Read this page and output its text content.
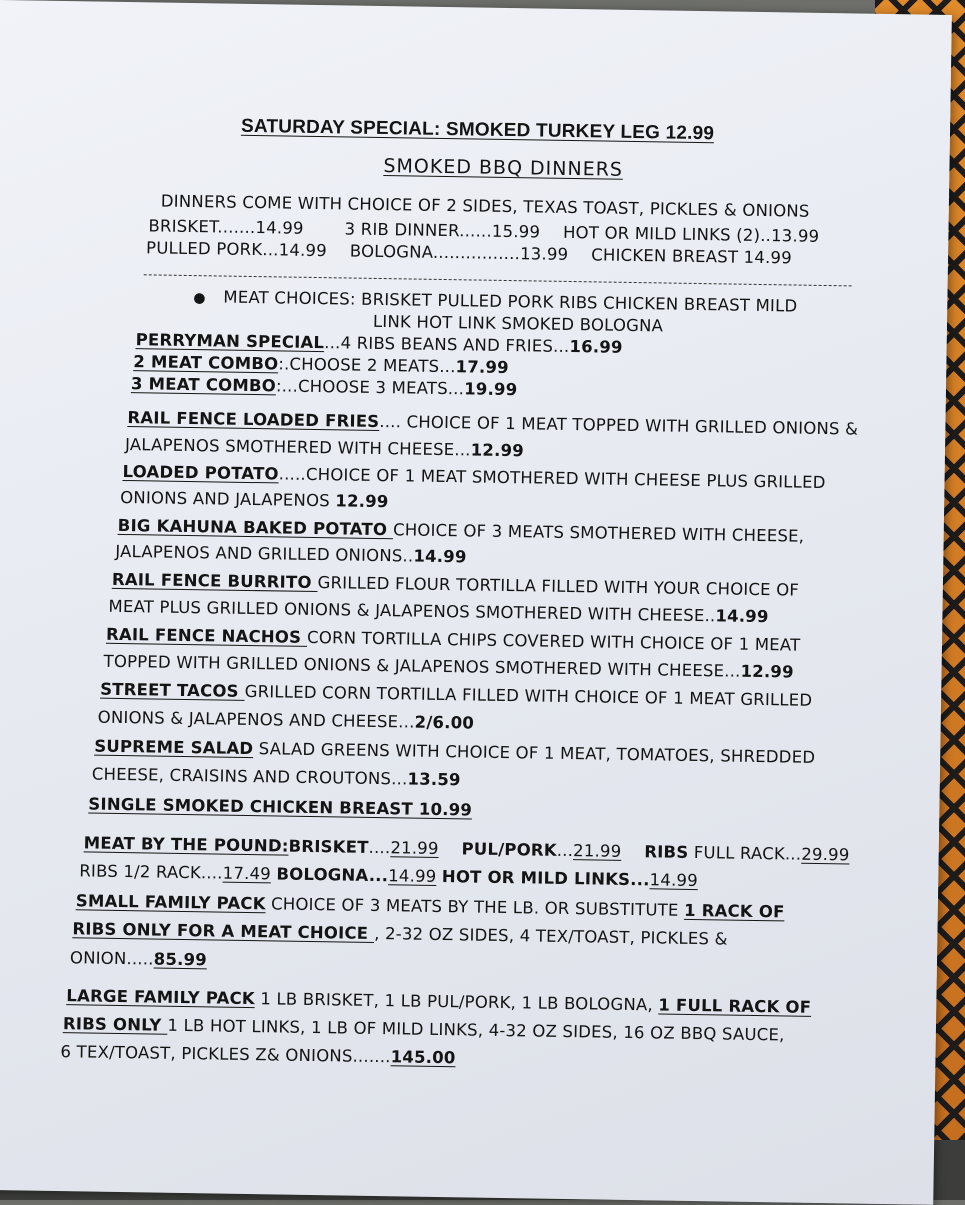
SATURDAY SPECIAL: SMOKED TURKEY LEG 12.99
SMOKED BBQ DINNERS
DINNERS COME WITH CHOICE OF 2 SIDES, TEXAS TOAST, PICKLES & ONIONS
BRISKET.......14.99 3 RIB DINNER......15.99 HOT OR MILD LINKS (2)..13.99
PULLED PORK...14.99 BOLOGNA................13.99 CHICKEN BREAST 14.99
● MEAT CHOICES: BRISKET PULLED PORK RIBS CHICKEN BREAST MILD
LINK HOT LINK SMOKED BOLOGNA
PERRYMAN SPECIAL...4 RIBS BEANS AND FRIES...16.99
2 MEAT COMBO:.CHOOSE 2 MEATS...17.99
3 MEAT COMBO:...CHOOSE 3 MEATS...19.99
RAIL FENCE LOADED FRIES.... CHOICE OF 1 MEAT TOPPED WITH GRILLED ONIONS &
JALAPENOS SMOTHERED WITH CHEESE...12.99
LOADED POTATO.....CHOICE OF 1 MEAT SMOTHERED WITH CHEESE PLUS GRILLED
ONIONS AND JALAPENOS 12.99
BIG KAHUNA BAKED POTATO CHOICE OF 3 MEATS SMOTHERED WITH CHEESE,
JALAPENOS AND GRILLED ONIONS..14.99
RAIL FENCE BURRITO GRILLED FLOUR TORTILLA FILLED WITH YOUR CHOICE OF
MEAT PLUS GRILLED ONIONS & JALAPENOS SMOTHERED WITH CHEESE..14.99
RAIL FENCE NACHOS CORN TORTILLA CHIPS COVERED WITH CHOICE OF 1 MEAT
TOPPED WITH GRILLED ONIONS & JALAPENOS SMOTHERED WITH CHEESE...12.99
STREET TACOS GRILLED CORN TORTILLA FILLED WITH CHOICE OF 1 MEAT GRILLED
ONIONS & JALAPENOS AND CHEESE...2/6.00
SUPREME SALAD SALAD GREENS WITH CHOICE OF 1 MEAT, TOMATOES, SHREDDED
CHEESE, CRAISINS AND CROUTONS...13.59
SINGLE SMOKED CHICKEN BREAST 10.99
MEAT BY THE POUND:BRISKET....21.99 PUL/PORK...21.99 RIBS FULL RACK...29.99
RIBS 1/2 RACK....17.49 BOLOGNA...14.99 HOT OR MILD LINKS...14.99
SMALL FAMILY PACK CHOICE OF 3 MEATS BY THE LB. OR SUBSTITUTE 1 RACK OF
RIBS ONLY FOR A MEAT CHOICE , 2-32 OZ SIDES, 4 TEX/TOAST, PICKLES &
ONION.....85.99
LARGE FAMILY PACK 1 LB BRISKET, 1 LB PUL/PORK, 1 LB BOLOGNA, 1 FULL RACK OF
RIBS ONLY 1 LB HOT LINKS, 1 LB OF MILD LINKS, 4-32 OZ SIDES, 16 OZ BBQ SAUCE,
6 TEX/TOAST, PICKLES Z& ONIONS.......145.00
